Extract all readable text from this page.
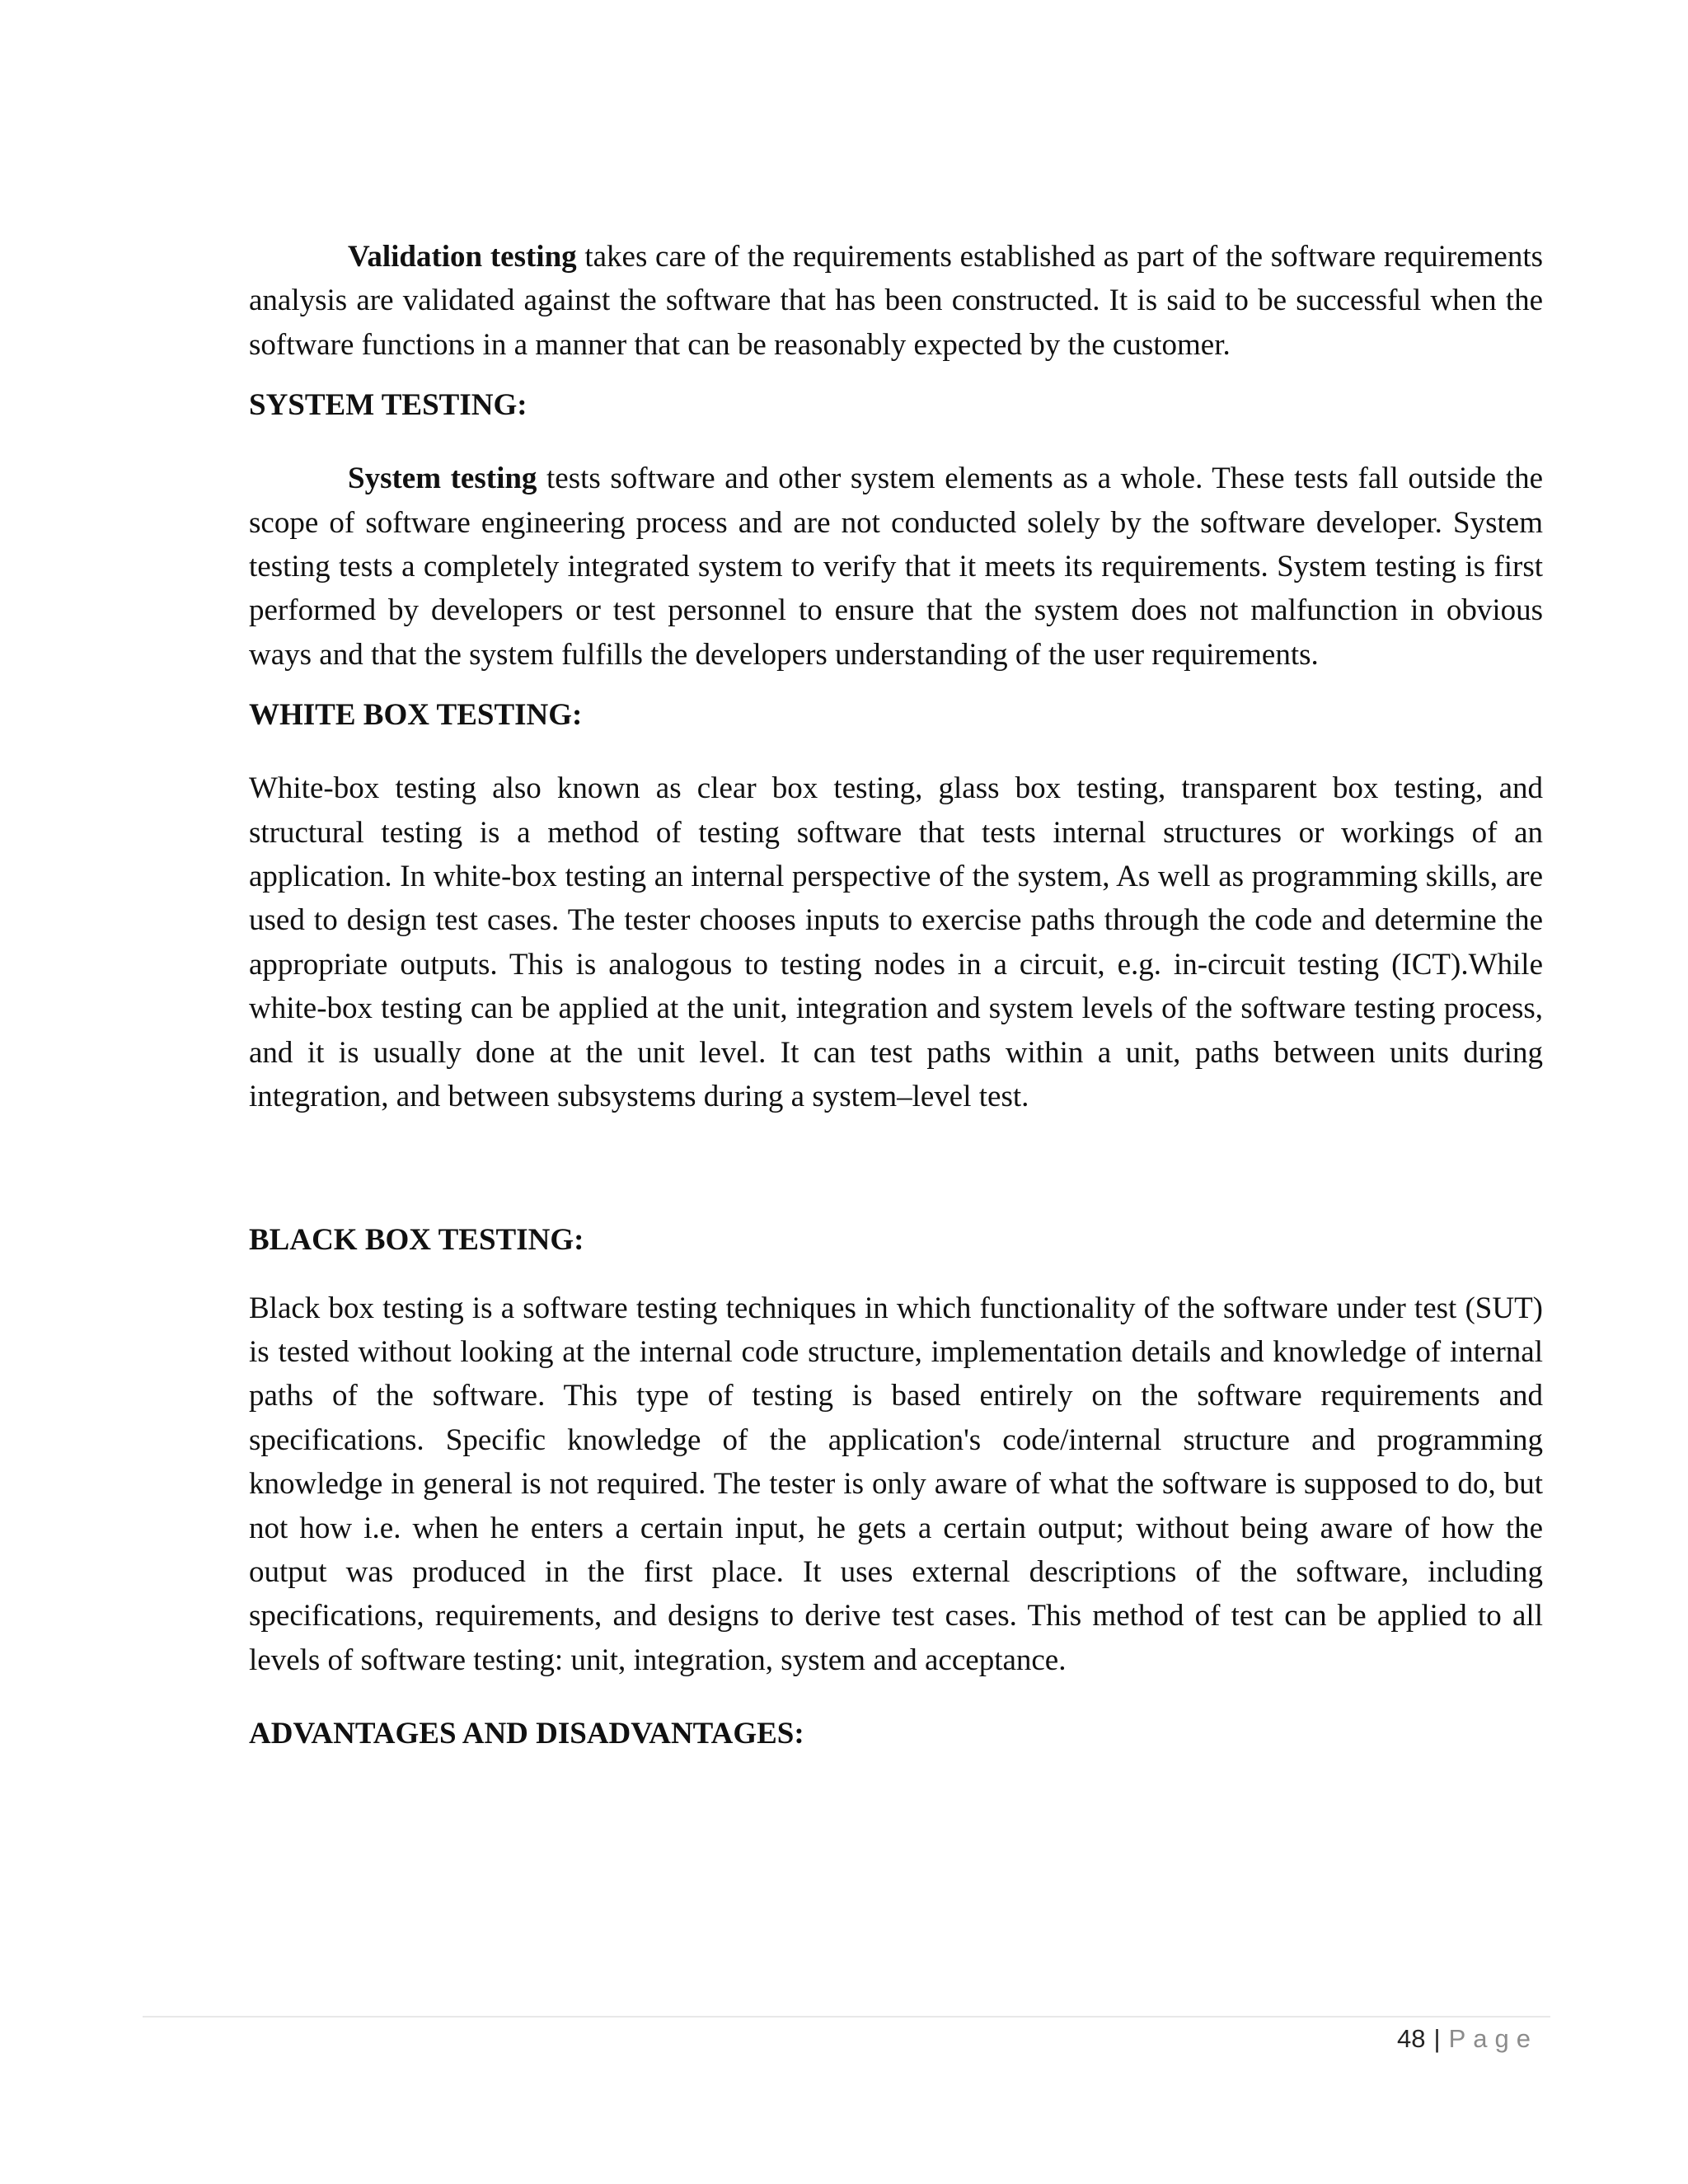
Validation testing takes care of the requirements established as part of the software requirements analysis are validated against the software that has been constructed. It is said to be successful when the software functions in a manner that can be reasonably expected by the customer.

SYSTEM TESTING:

System testing tests software and other system elements as a whole. These tests fall outside the scope of software engineering process and are not conducted solely by the software developer. System testing tests a completely integrated system to verify that it meets its requirements. System testing is first performed by developers or test personnel to ensure that the system does not malfunction in obvious ways and that the system fulfills the developers understanding of the user requirements.

WHITE BOX TESTING:

White-box testing also known as clear box testing, glass box testing, transparent box testing, and structural testing is a method of testing software that tests internal structures or workings of an application. In white-box testing an internal perspective of the system, As well as programming skills, are used to design test cases. The tester chooses inputs to exercise paths through the code and determine the appropriate outputs. This is analogous to testing nodes in a circuit, e.g. in-circuit testing (ICT).While white-box testing can be applied at the unit, integration and system levels of the software testing process, and it is usually done at the unit level. It can test paths within a unit, paths between units during integration, and between subsystems during a system–level test.

BLACK BOX TESTING:

Black box testing is a software testing techniques in which functionality of the software under test (SUT) is tested without looking at the internal code structure, implementation details and knowledge of internal paths of the software. This type of testing is based entirely on the software requirements and specifications. Specific knowledge of the application's code/internal structure and programming knowledge in general is not required. The tester is only aware of what the software is supposed to do, but not how i.e. when he enters a certain input, he gets a certain output; without being aware of how the output was produced in the first place. It uses external descriptions of the software, including specifications, requirements, and designs to derive test cases. This method of test can be applied to all levels of software testing: unit, integration, system and acceptance.

ADVANTAGES AND DISADVANTAGES:
48 | Page
